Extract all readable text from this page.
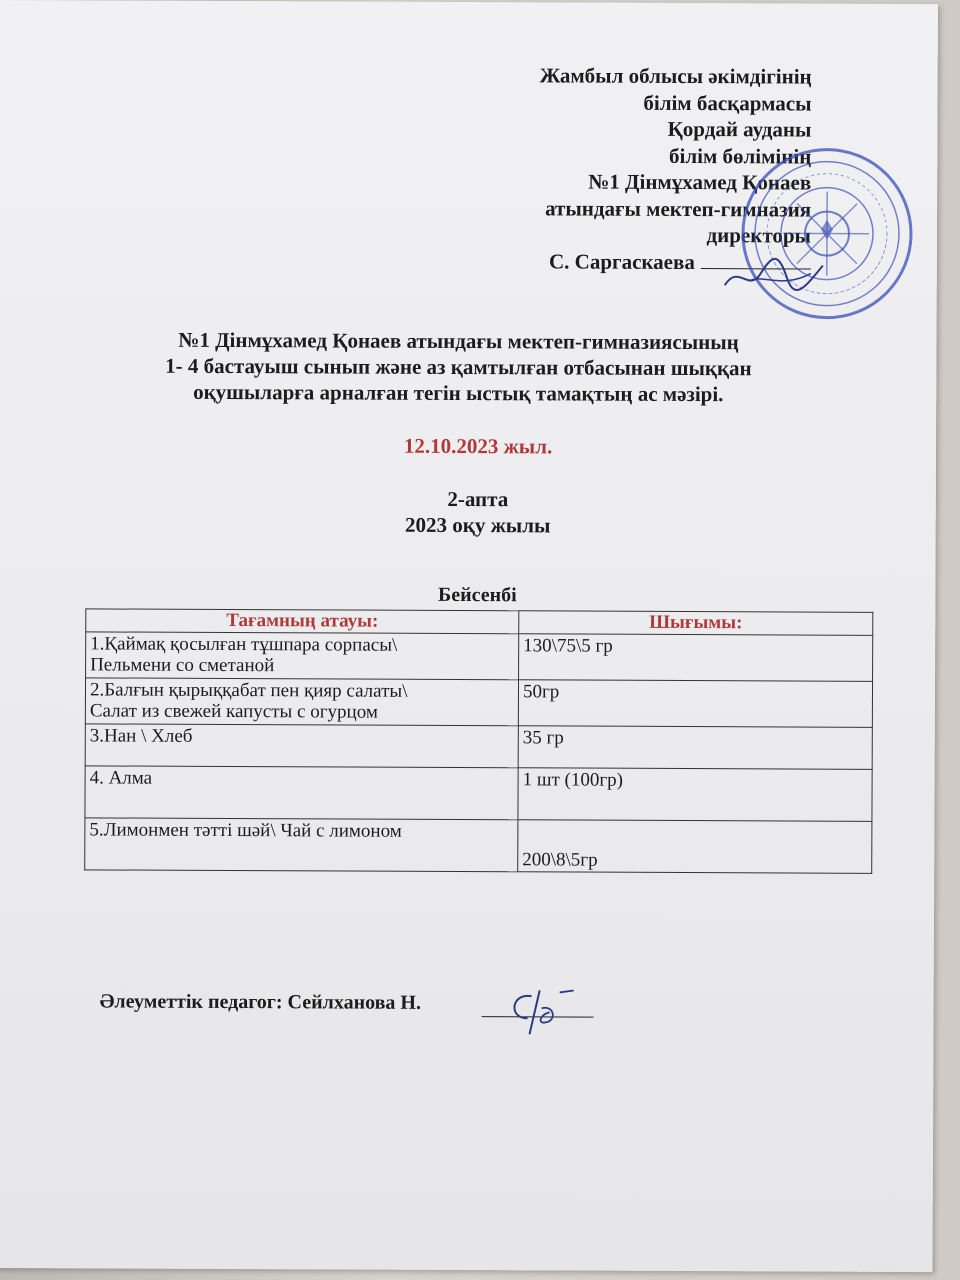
Жамбыл облысы әкімдігінің
білім басқармасы
Қордай ауданы
білім бөлімінің
№1 Дінмұхамед Қонаев
атындағы мектеп-гимназия
директоры
С. Саргаскаева
№1 Дінмұхамед Қонаев атындағы мектеп-гимназиясының
1- 4 бастауыш сынып және аз қамтылған отбасынан шыққан
оқушыларға арналған тегін ыстық тамақтың ас мәзірі.
12.10.2023 жыл.
2-апта
2023 оқу жылы
Бейсенбі
Тағамның атауы:	Шығымы:

1.Қаймақ қосылған тұшпара сорпасы\
Пельмени со сметаной	130\75\5 гр

2.Балғын қырыққабат пен қияр салаты\
Салат из свежей капусты с огурцом	50гр
3.Нан \ Хлеб	35 гр
4. Алма	1 шт (100гр)
5.Лимонмен тәтті шәй\ Чай с лимоном	200\8\5гр
Әлеуметтік педагог: Сейлханова Н.
